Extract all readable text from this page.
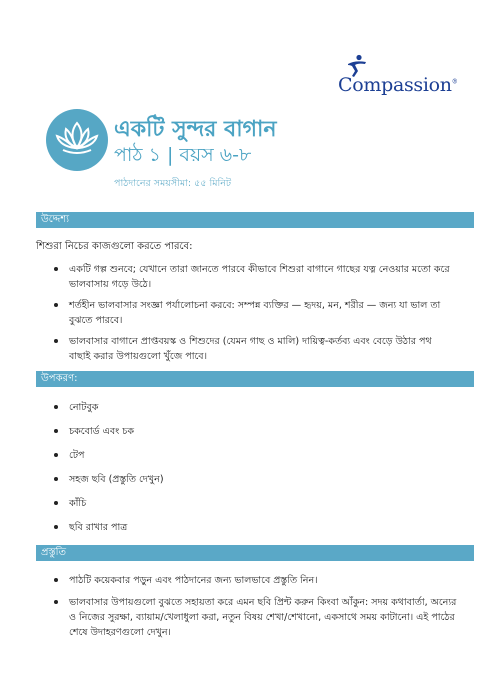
Compassion®
একটি সুন্দর বাগান
পাঠ ১ | বয়স ৬-৮
পাঠদানের সময়সীমা: ৫৫ মিনিট
উদ্দেশ্য
শিশুরা নিচের কাজগুলো করতে পারবে:
একটি গল্প শুনবে; যেখানে তারা জানতে পারবে কীভাবে শিশুরা বাগানে গাছের যত্ন নেওয়ার মতো করে ভালবাসায় গড়ে উঠে।
শর্তহীন ভালবাসার সংজ্ঞা পর্যালোচনা করবে: সম্পন্ন ব্যক্তির — হৃদয়, মন, শরীর — জন্য যা ভাল তা বুঝতে পারবে।
ভালবাসার বাগানে প্রাপ্তবয়স্ক ও শিশুদের (যেমন গাছ ও মালি) দায়িত্ব-কর্তব্য এবং বেড়ে উঠার পথ বাছাই করার উপায়গুলো খুঁজে পাবে।
উপকরণ:
নোটবুক
চকবোর্ড এবং চক
টেপ
সহজ ছবি (প্রস্তুতি দেখুন)
কাঁচি
ছবি রাখার পাত্র
প্রস্তুতি
পাঠটি কয়েকবার পড়ুন এবং পাঠদানের জন্য ভালভাবে প্রস্তুতি নিন।
ভালবাসার উপায়গুলো বুঝতে সহায়তা করে এমন ছবি প্রিন্ট করুন কিংবা আঁকুন: সদয় কথাবার্তা, অন্যের ও নিজের সুরক্ষা, ব্যায়াম/খেলাধুলা করা, নতুন বিষয় শেখা/শেখানো, একসাথে সময় কাটানো। এই পাঠের শেষে উদাহরণগুলো দেখুন।
